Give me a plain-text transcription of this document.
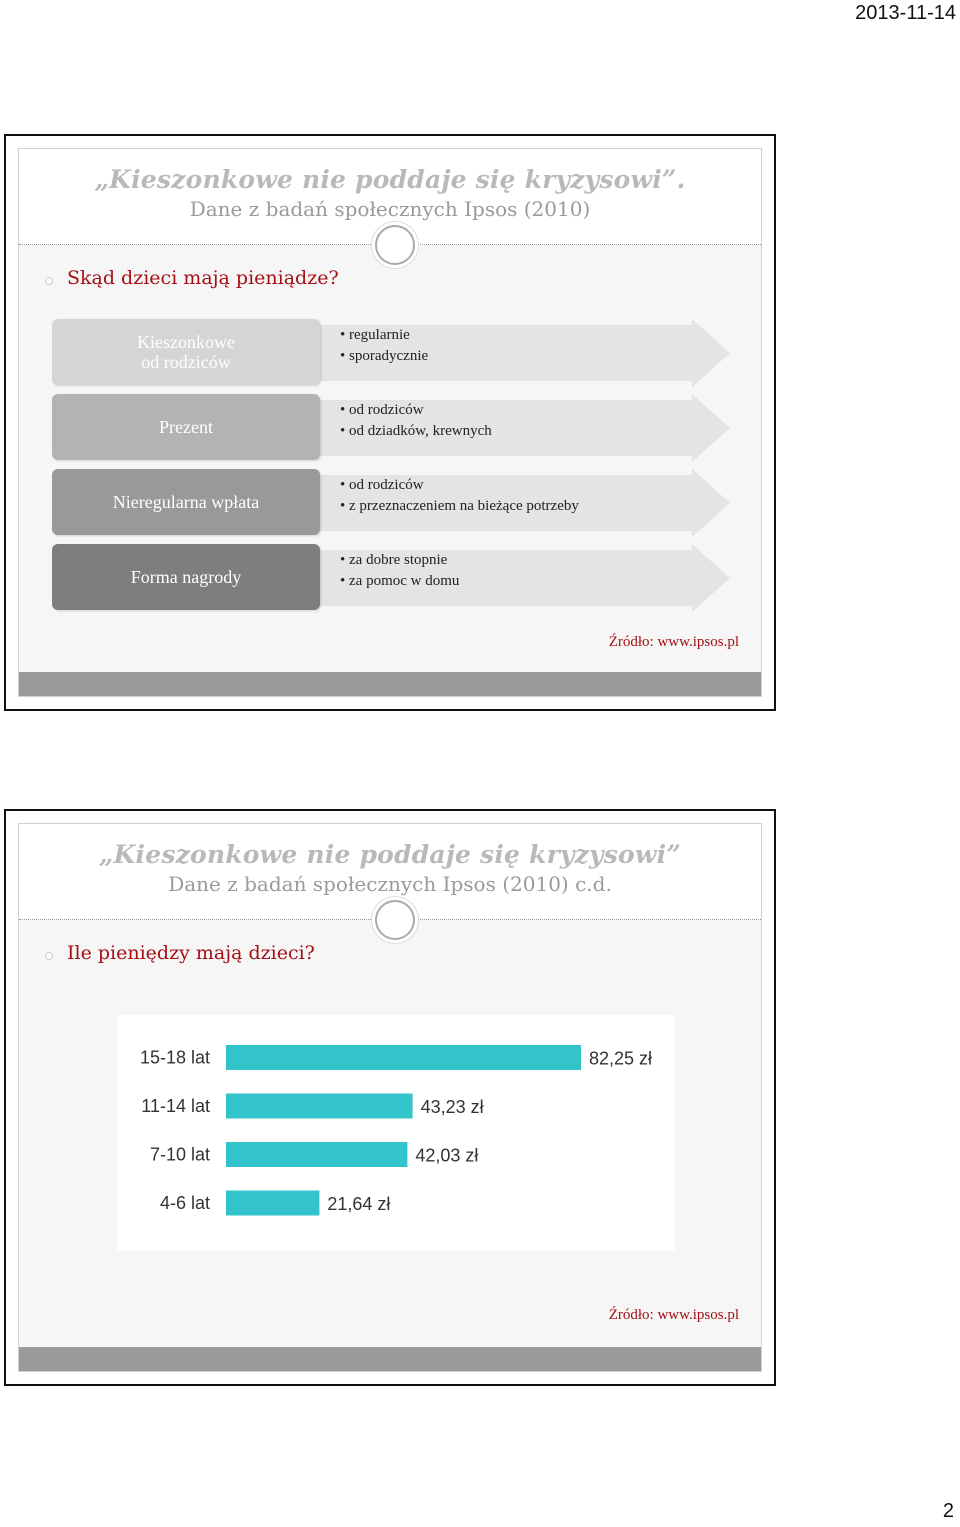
2013-11-14
„Kieszonkowe nie poddaje się kryzysowi”.
Dane z badań społecznych Ipsos (2010)
Skąd dzieci mają pieniądze?
Kieszonkowe od rodziców
• regularnie
• sporadycznie
Prezent
• od rodziców
• od dziadków, krewnych
Nieregularna wpłata
• od rodziców
• z przeznaczeniem na bieżące potrzeby
Forma nagrody
• za dobre stopnie
• za pomoc w domu
Źródło: www.ipsos.pl
„Kieszonkowe nie poddaje się kryzysowi”
Dane z badań społecznych Ipsos (2010) c.d.
Ile pieniędzy mają dzieci?
15-18 lat	82,25 zł
11-14 lat	43,23 zł
7-10 lat	42,03 zł
4-6 lat	21,64 zł
Źródło: www.ipsos.pl
2
